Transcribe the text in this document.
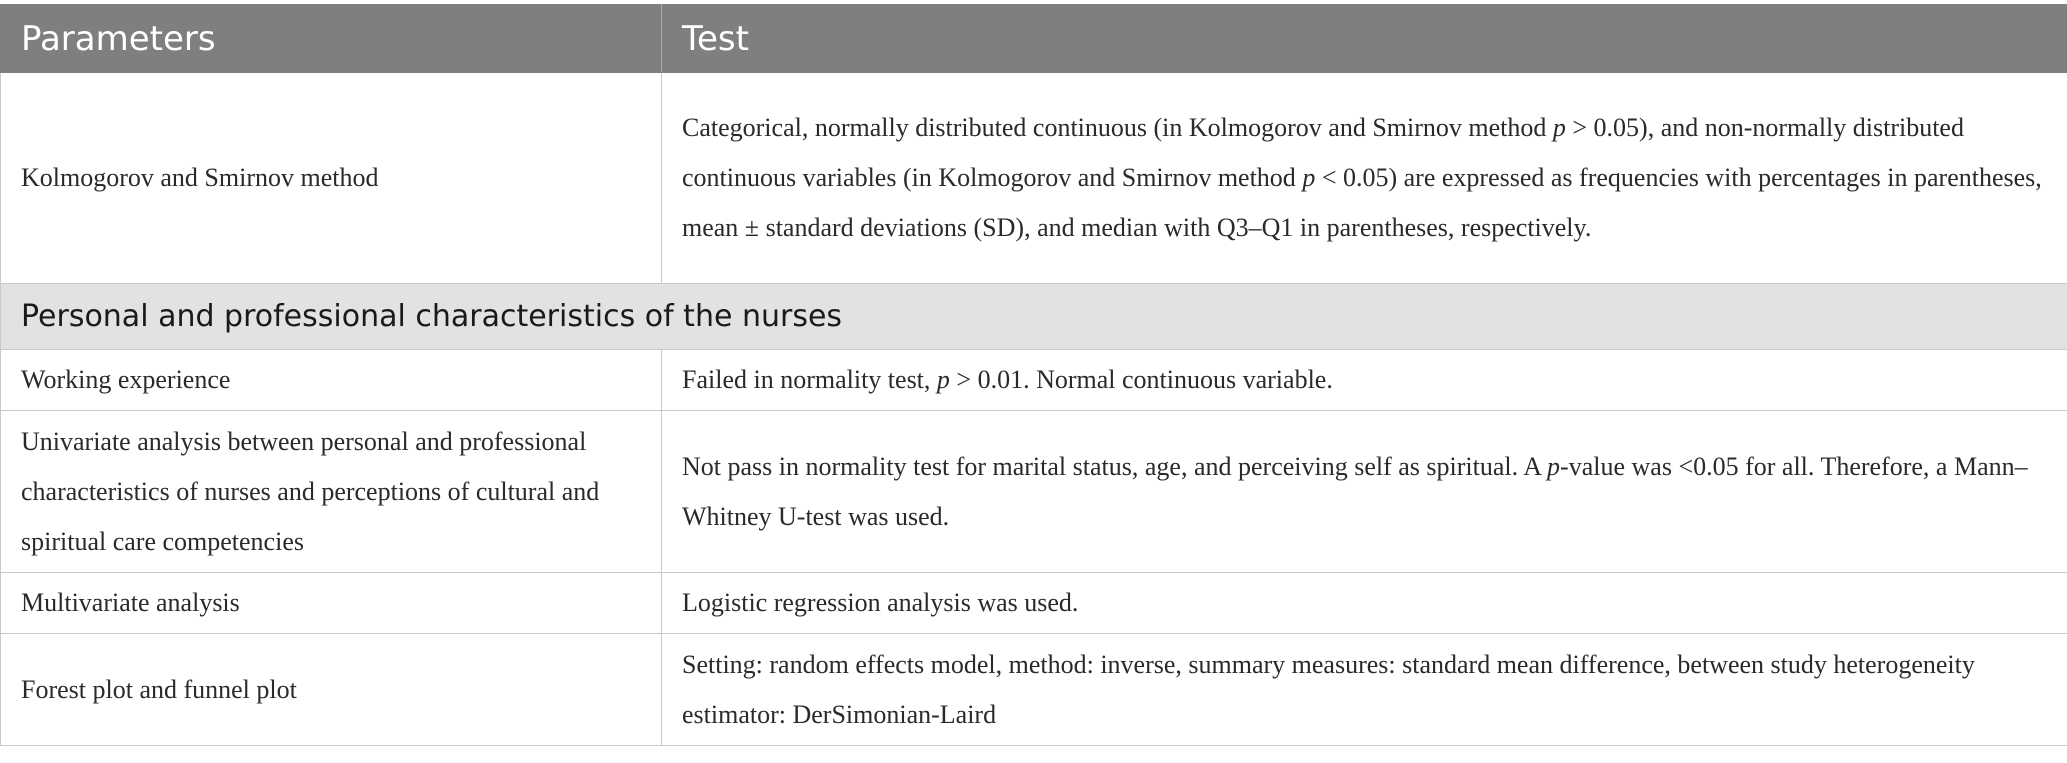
Parameters	Test
Kolmogorov and Smirnov method	Categorical, normally distributed continuous (in Kolmogorov and Smirnov method p > 0.05), and non-normally distributed continuous variables (in Kolmogorov and Smirnov method p < 0.05) are expressed as frequencies with percentages in parentheses, mean ± standard deviations (SD), and median with Q3–Q1 in parentheses, respectively.
Personal and professional characteristics of the nurses	
Working experience	Failed in normality test, p > 0.01. Normal continuous variable.
Univariate analysis between personal and professional characteristics of nurses and perceptions of cultural and spiritual care competencies	Not pass in normality test for marital status, age, and perceiving self as spiritual. A p-value was <0.05 for all. Therefore, a Mann–Whitney U-test was used.
Multivariate analysis	Logistic regression analysis was used.
Forest plot and funnel plot	Setting: random effects model, method: inverse, summary measures: standard mean difference, between study heterogeneity estimator: DerSimonian-Laird
